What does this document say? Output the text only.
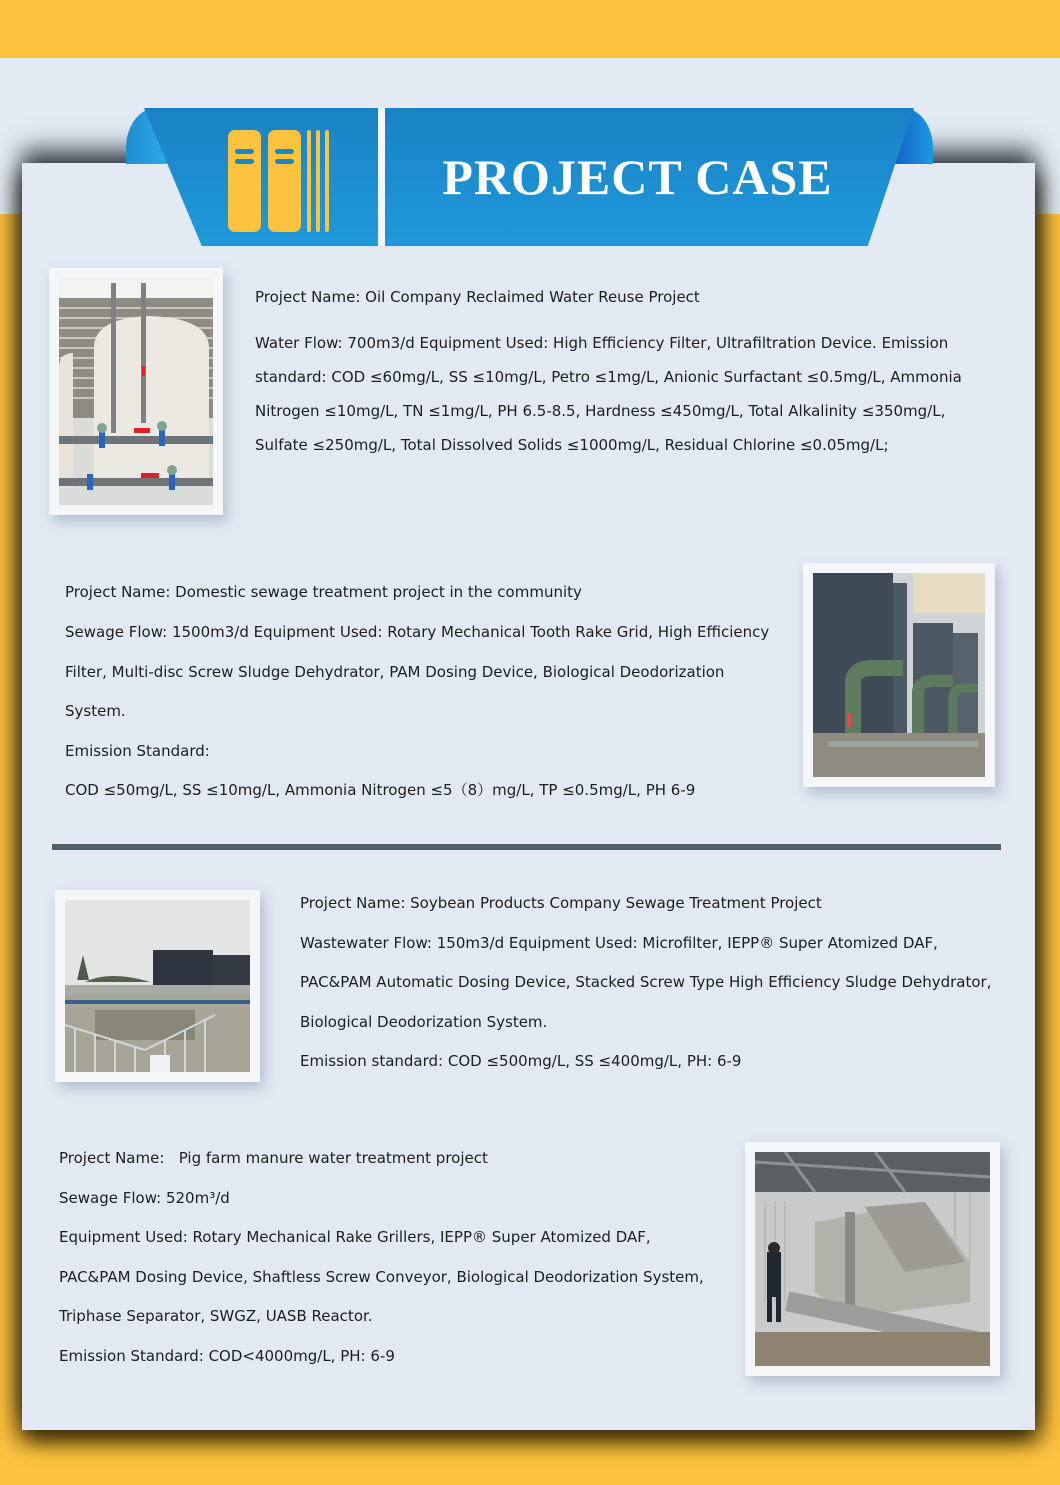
PROJECT CASE

Project Name: Oil Company Reclaimed Water Reuse Project

Water Flow: 700m3/d Equipment Used: High Efficiency Filter, Ultrafiltration Device. Emission

standard: COD ≤60mg/L, SS ≤10mg/L, Petro ≤1mg/L, Anionic Surfactant ≤0.5mg/L, Ammonia

Nitrogen ≤10mg/L, TN ≤1mg/L, PH 6.5-8.5, Hardness ≤450mg/L, Total Alkalinity ≤350mg/L,

Sulfate ≤250mg/L, Total Dissolved Solids ≤1000mg/L, Residual Chlorine ≤0.05mg/L;

Project Name: Domestic sewage treatment project in the community

Sewage Flow: 1500m3/d Equipment Used: Rotary Mechanical Tooth Rake Grid, High Efficiency

Filter, Multi-disc Screw Sludge Dehydrator, PAM Dosing Device, Biological Deodorization

System.

Emission Standard:

COD ≤50mg/L, SS ≤10mg/L, Ammonia Nitrogen ≤5（8）mg/L, TP ≤0.5mg/L, PH 6-9

Project Name: Soybean Products Company Sewage Treatment Project

Wastewater Flow: 150m3/d Equipment Used: Microfilter, IEPP® Super Atomized DAF,

PAC&PAM Automatic Dosing Device, Stacked Screw Type High Efficiency Sludge Dehydrator,

Biological Deodorization System.

Emission standard: COD ≤500mg/L, SS ≤400mg/L, PH: 6-9

Project Name:   Pig farm manure water treatment project

Sewage Flow: 520m³/d

Equipment Used: Rotary Mechanical Rake Grillers, IEPP® Super Atomized DAF,

PAC&PAM Dosing Device, Shaftless Screw Conveyor, Biological Deodorization System,

Triphase Separator, SWGZ, UASB Reactor.

Emission Standard: COD<4000mg/L, PH: 6-9
